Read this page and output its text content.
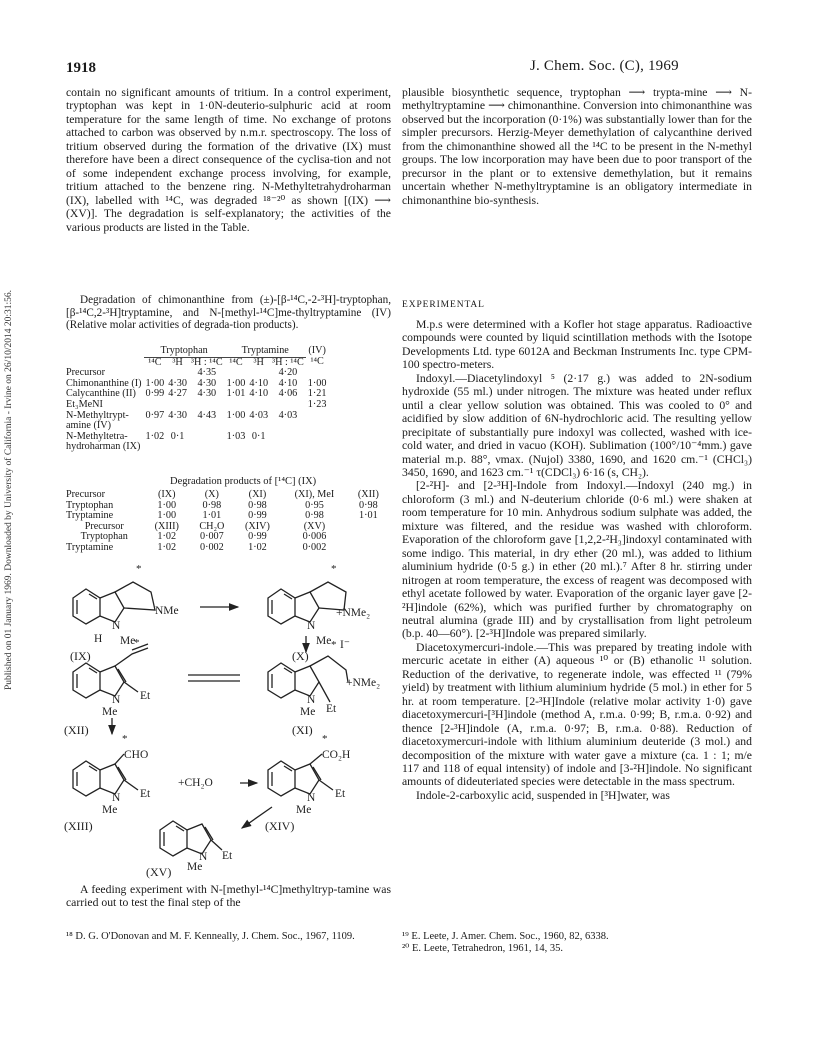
Published on 01 January 1969. Downloaded by University of California - Irvine on 26/10/2014 20:31:56.
1918	J. Chem. Soc. (C), 1969

contain no significant amounts of tritium. In a control experiment, tryptophan was kept in 1·0N-deuterio-sulphuric acid at room temperature for the same length of time. No exchange of protons attached to carbon was observed by n.m.r. spectroscopy. The loss of tritium observed during the formation of the drivative (IX) must therefore have been a direct consequence of the cyclisa-tion and not of some independent exchange process involving, for example, tritium attached to the benzene ring. N-Methyltetrahydroharman (IX), labelled with ¹⁴C, was degraded ¹⁸⁻²⁰ as shown [(IX) ⟶ (XV)]. The degradation is self-explanatory; the activities of the various products are listed in the Table.

Degradation of chimonanthine from (±)-[β-¹⁴C,-2-³H]-tryptophan, [β-¹⁴C,2-³H]tryptamine, and N-[methyl-¹⁴C]me-thyltryptamine (IV) (Relative molar activities of degrada-tion products).

	Tryptophan			Tryptamine			(IV)
	¹⁴C	³H	³H : ¹⁴C	¹⁴C	³H	³H : ¹⁴C	¹⁴C
Precursor			4·35			4·20	
Chimonanthine (I)	1·00	4·30	4·30	1·00	4·10	4·10	1·00
Calycanthine (II)	0·99	4·27	4·30	1·01	4·10	4·06	1·21
Et₃MeNI							1·23
N-Methyltrypt-amine (IV)	0·97	4·30	4·43	1·00	4·03	4·03	
N-Methyltetra-hydroharman (IX)	1·02	0·1		1·03	0·1		
Degradation products of [¹⁴C] (IX)
Precursor	(IX)	(X)	(XI)	(XI), MeI	(XII)
Tryptophan	1·00	0·98	0·98	0·95	0·98
Tryptamine	1·00	1·01	0·99	0·98	1·01
Precursor	(XIII)	CH₂O	(XIV)	(XV)	
Tryptophan	1·02	0·007	0·99	0·006	
Tryptamine	1·02	0·002	1·02	0·002	
*	*
*
*
*	*
N
NMe
H Me
(IX)
N
+NMe₂
Me I⁻
(X)
N
+NMe₂
Et
Me
(XI)
N Et
Me
(XII)
CHO
+CH₂O
N Et
Me
(XIII)
CO₂H
N Et
Me
(XIV)
N Et
Me
(XV)

A feeding experiment with N-[methyl-¹⁴C]methyltryp-tamine was carried out to test the final step of the

¹⁸ D. G. O'Donovan and M. F. Kenneally, J. Chem. Soc., 1967, 1109.

plausible biosynthetic sequence, tryptophan ⟶ trypta-mine ⟶ N-methyltryptamine ⟶ chimonanthine. Conversion into chimonanthine was observed but the incorporation (0·1%) was substantially lower than for the simpler precursors. Herzig-Meyer demethylation of calycanthine derived from the chimonanthine showed all the ¹⁴C to be present in the N-methyl groups. The low incorporation may have been due to poor transport of the precursor in the plant or to extensive demethylation, but it remains uncertain whether N-methyltryptamine is an obligatory intermediate in chimonanthine bio-synthesis.

EXPERIMENTAL

M.p.s were determined with a Kofler hot stage apparatus. Radioactive compounds were counted by liquid scintillation methods with the Isotope Developments Ltd. type 6012A and Beckman Instruments Inc. type CPM-100 spectro-meters.

Indoxyl.—Diacetylindoxyl ⁵ (2·17 g.) was added to 2N-sodium hydroxide (55 ml.) under nitrogen. The mixture was heated under reflux until a clear yellow solution was obtained. This was cooled to 0° and acidified by slow addition of 6N-hydrochloric acid. The resulting yellow precipitate of substantially pure indoxyl was collected, washed with ice-cold water, and dried in vacuo (KOH). Sublimation (100°/10⁻⁴mm.) gave material m.p. 88°, νmax. (Nujol) 3380, 1690, and 1620 cm.⁻¹ (CHCl₃) 3450, 1690, and 1623 cm.⁻¹ τ(CDCl₃) 6·16 (s, CH₂).

[2-²H]- and [2-³H]-Indole from Indoxyl.—Indoxyl (240 mg.) in chloroform (3 ml.) and N-deuterium chloride (0·6 ml.) were shaken at room temperature for 10 min. Anhydrous sodium sulphate was added, the mixture was filtered, and the residue was washed with chloroform. Evaporation of the chloroform gave [1,2,2-²H₃]indoxyl contaminated with some indigo. This material, in dry ether (20 ml.), was added to lithium aluminium hydride (0·5 g.) in ether (20 ml.).⁷ After 8 hr. stirring under nitrogen at room temperature, the excess of reagent was decomposed with ethyl acetate followed by water. Evaporation of the organic layer gave [2-²H]indole (62%), which was purified further by chromatography on neutral alumina (grade III) and by crystallisation from light petroleum (b.p. 40—60°). [2-³H]Indole was prepared similarly.

Diacetoxymercuri-indole.—This was prepared by treating indole with mercuric acetate in either (A) aqueous ¹⁰ or (B) ethanolic ¹¹ solution. Reduction of the derivative, to regenerate indole, was effected ¹¹ (79% yield) by treatment with lithium aluminium hydride (5 mol.) in ether for 5 hr. at room temperature. [2-³H]Indole (relative molar activity 1·0) gave diacetoxymercuri-[³H]indole (method A, r.m.a. 0·99; B, r.m.a. 0·92) and thence [2-³H]indole (A, r.m.a. 0·97; B, r.m.a. 0·88). Reduction of diacetoxymercuri-indole with lithium aluminium deuteride (3 mol.) and decomposition of the mixture with water gave a mixture (ca. 1 : 1; m/e 117 and 118 of equal intensity) of indole and [3-²H]indole. No significant amounts of dideuteriated species were detectable in the mass spectrum.

Indole-2-carboxylic acid, suspended in [³H]water, was

¹⁹ E. Leete, J. Amer. Chem. Soc., 1960, 82, 6338.
²⁰ E. Leete, Tetrahedron, 1961, 14, 35.
